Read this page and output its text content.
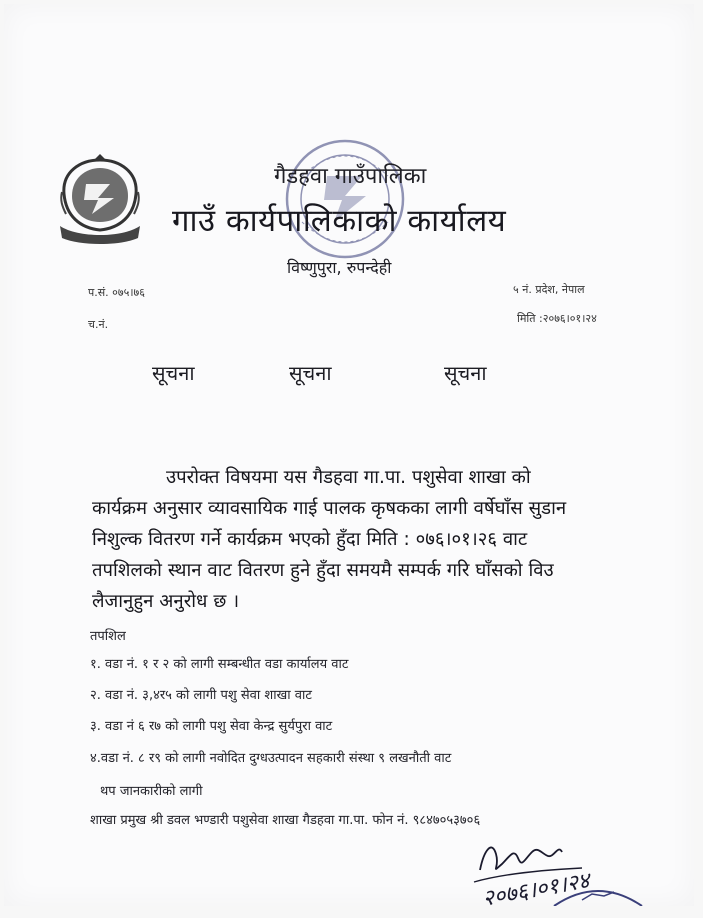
गैडहवा गाउँपालिका
गाउँ कार्यपालिकाको कार्यालय
विष्णुपुरा, रुपन्देही
प.सं. ०७५।७६
च.नं.
५ नं. प्रदेश, नेपाल
मिति :२०७६।०१।२४
सूचना	सूचना	सूचना
उपरोक्त विषयमा यस गैडहवा गा.पा. पशुसेवा शाखा को
कार्यक्रम अनुसार व्यावसायिक गाई पालक कृषकका लागी वर्षेघाँस सुडान
निशुल्क वितरण गर्ने कार्यक्रम भएको हुँदा मिति : ०७६।०१।२६ वाट
तपशिलको स्थान वाट वितरण हुने हुँदा समयमै सम्पर्क गरि घाँसको विउ
लैजानुहुन अनुरोध छ ।
तपशिल
१. वडा नं. १ र २ को लागी सम्बन्धीत वडा कार्यालय वाट
२. वडा नं. ३,४र५ को लागी पशु सेवा शाखा वाट
३. वडा नं ६ र७ को लागी पशु सेवा केन्द्र सुर्यपुरा वाट
४.वडा नं. ८ र९ को लागी नवोदित दुग्धउत्पादन सहकारी संस्था ९ लखनौती वाट
थप जानकारीको लागी
शाखा प्रमुख श्री डवल भण्डारी पशुसेवा शाखा गैडहवा गा.पा. फोन नं. ९८४७०५३७०६
२०७६।०१।२४
